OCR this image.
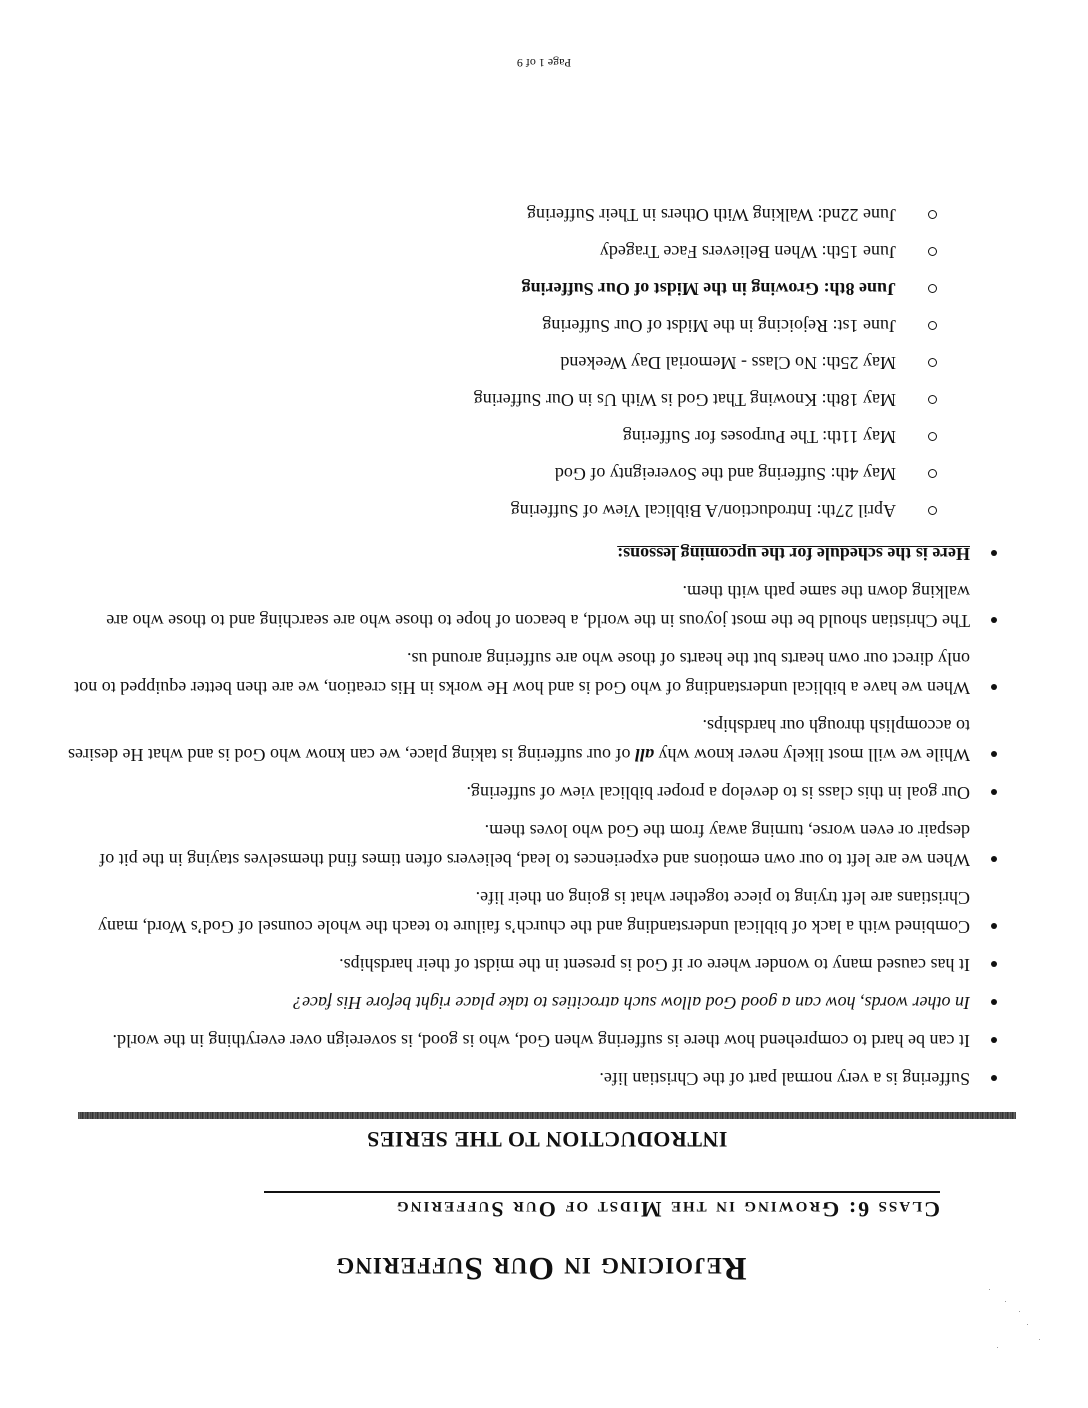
Rejoicing in Our Suffering
Class 6: Growing in the Midst of Our Suffering
INTRODUCTION TO THE SERIES
Suffering is a very normal part of the Christian life.
It can be hard to comprehend how there is suffering when God, who is good, is sovereign over everything in the world.
In other words, how can a good God allow such atrocities to take place right before His face?
It has caused many to wonder where or if God is present in the midst of their hardships.
Combined with a lack of biblical understanding and the church’s failure to teach the whole counsel of God’s Word, many Christians are left trying to piece together what is going on their life.
When we are left to our own emotions and experiences to lead, believers often times find themselves staying in the pit of despair or even worse, turning away from the God who loves them.
Our goal in this class is to develop a proper biblical view of suffering.
While we will most likely never know why all of our suffering is taking place, we can know who God is and what He desires to accomplish through our hardships.
When we have a biblical understanding of who God is and how He works in His creation, we are then better equipped to not only direct our own hearts but the hearts of those who are suffering around us.
The Christian should be the most joyous in the world, a beacon of hope to those who are searching and to those who are walking down the same path with them.
Here is the schedule for the upcoming lessons:
April 27th: Introduction/A Biblical View of Suffering
May 4th: Suffering and the Sovereignty of God
May 11th: The Purposes for Suffering
May 18th: Knowing That God is With Us in Our Suffering
May 25th: No Class - Memorial Day Weekend
June 1st: Rejoicing in the Midst of Our Suffering
June 8th: Growing in the Midst of Our Suffering
June 15th: When Believers Face Tragedy
June 22nd: Walking With Others in Their Suffering
Page 1 of 9
